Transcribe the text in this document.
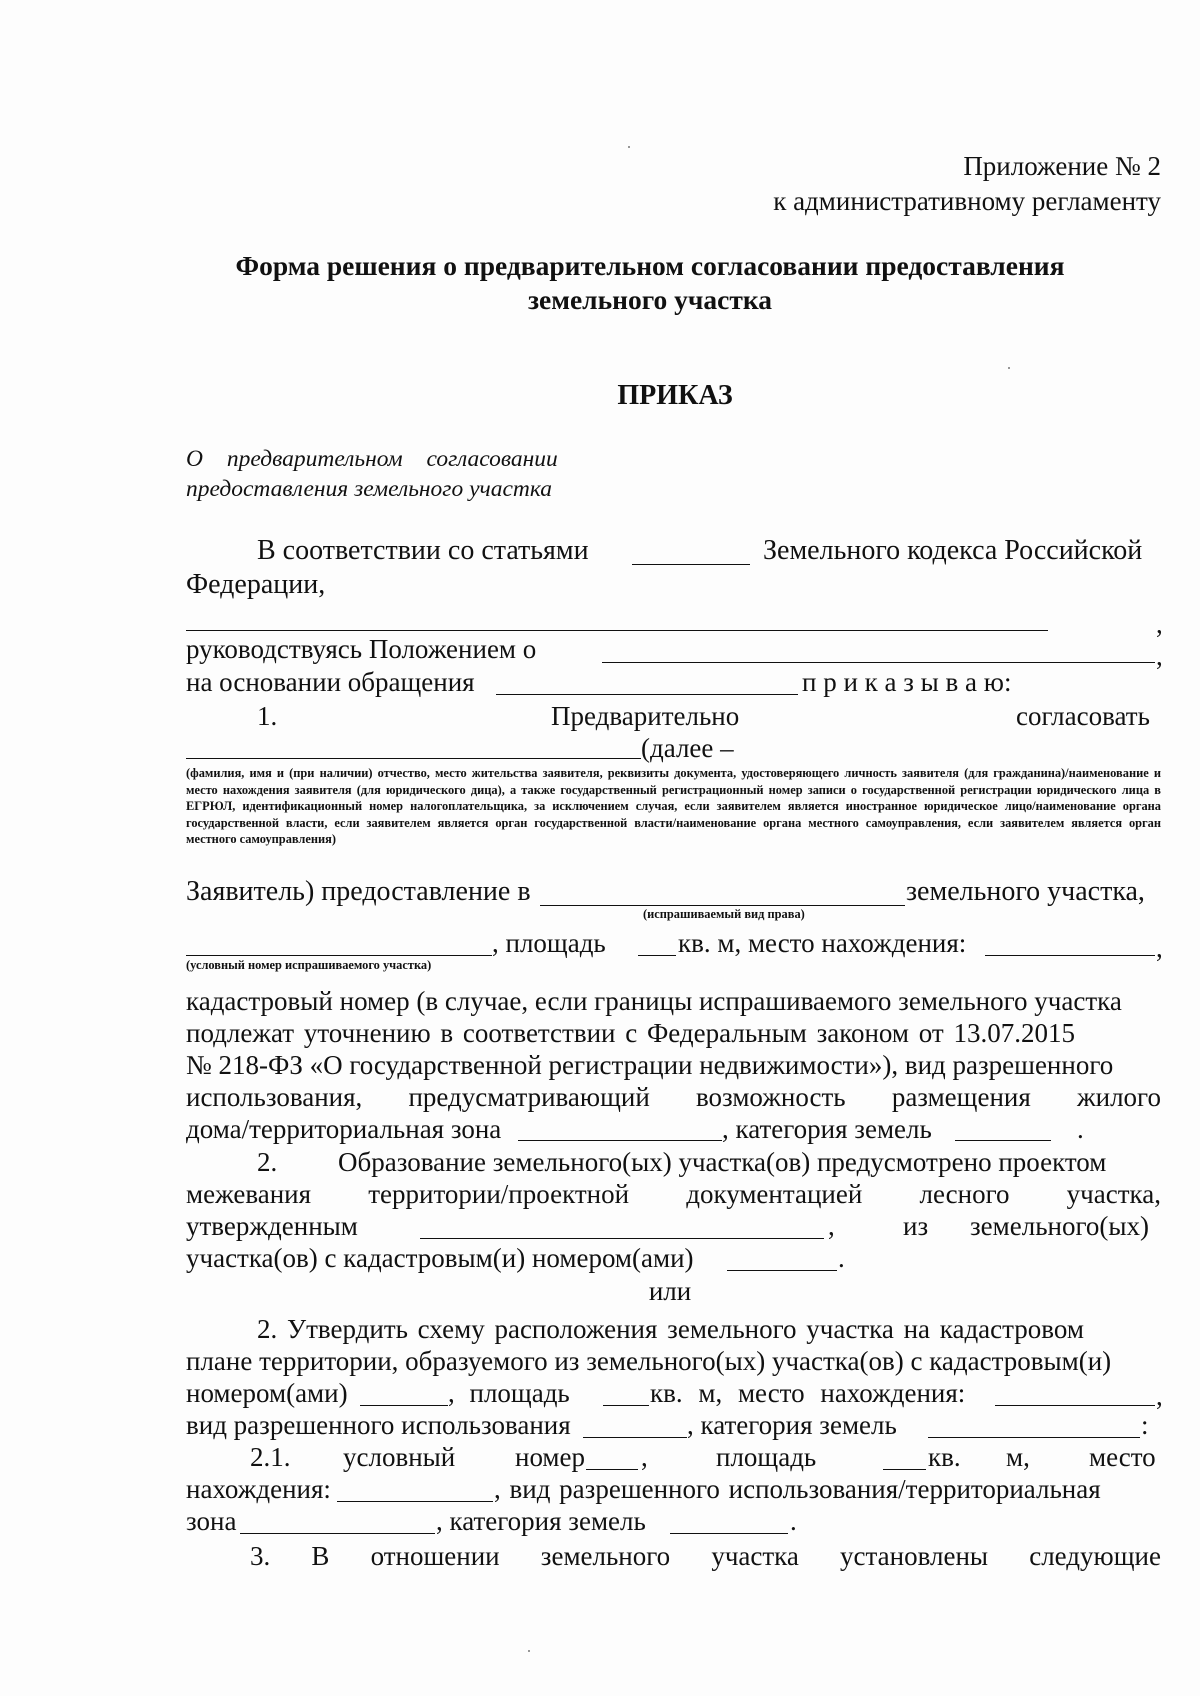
Приложение № 2
к административному регламенту
Форма решения о предварительном согласовании предоставления
земельного участка
ПРИКАЗ
О предварительном согласовании
предоставления земельного участка
В соответствии со статьями	Земельного кодекса Российской
Федерации,
,
руководствуясь Положением о	,
на основании обращения	п р и к а з ы в а ю:
1.	Предварительно	согласовать
(далее –
(фамилия, имя и (при наличии) отчество, место жительства заявителя, реквизиты документа, удостоверяющего личность заявителя (для гражданина)/наименование и место нахождения заявителя (для юридического дица), а также государственный регистрационный номер записи о государственной регистрации юридического лица в ЕГРЮЛ, идентификационный номер налогоплательщика, за исключением случая, если заявителем является иностранное юридическое лицо/наименование органа государственной власти, если заявителем является орган государственной власти/наименование органа местного самоуправления, если заявителем является орган местного самоуправления)
Заявитель) предоставление в	земельного участка,
(испрашиваемый вид права)
, площадь	кв. м, место нахождения:	,
(условный номер испрашиваемого участка)
кадастровый номер (в случае, если границы испрашиваемого земельного участка
подлежат уточнению в соответствии с Федеральным законом от 13.07.2015
№ 218-ФЗ «О государственной регистрации недвижимости»), вид разрешенного
использования, предусматривающий возможность размещения жилого
дома/территориальная зона	, категория земель	.
2. Образование земельного(ых) участка(ов) предусмотрено проектом
межевания территории/проектной документацией лесного участка,
утвержденным	,	из земельного(ых)
участка(ов) с кадастровым(и) номером(ами)	.
или
2. Утвердить схему расположения земельного участка на кадастровом
плане территории, образуемого из земельного(ых) участка(ов) с кадастровым(и)
номером(ами)	, площадь	кв. м, место нахождения:	,
вид разрешенного использования	, категория земель	:
2.1. условный номер ,	площадь	кв. м, место
нахождения:	, вид разрешенного использования/территориальная
зона	, категория земель	.
3. В отношении земельного участка установлены следующие
